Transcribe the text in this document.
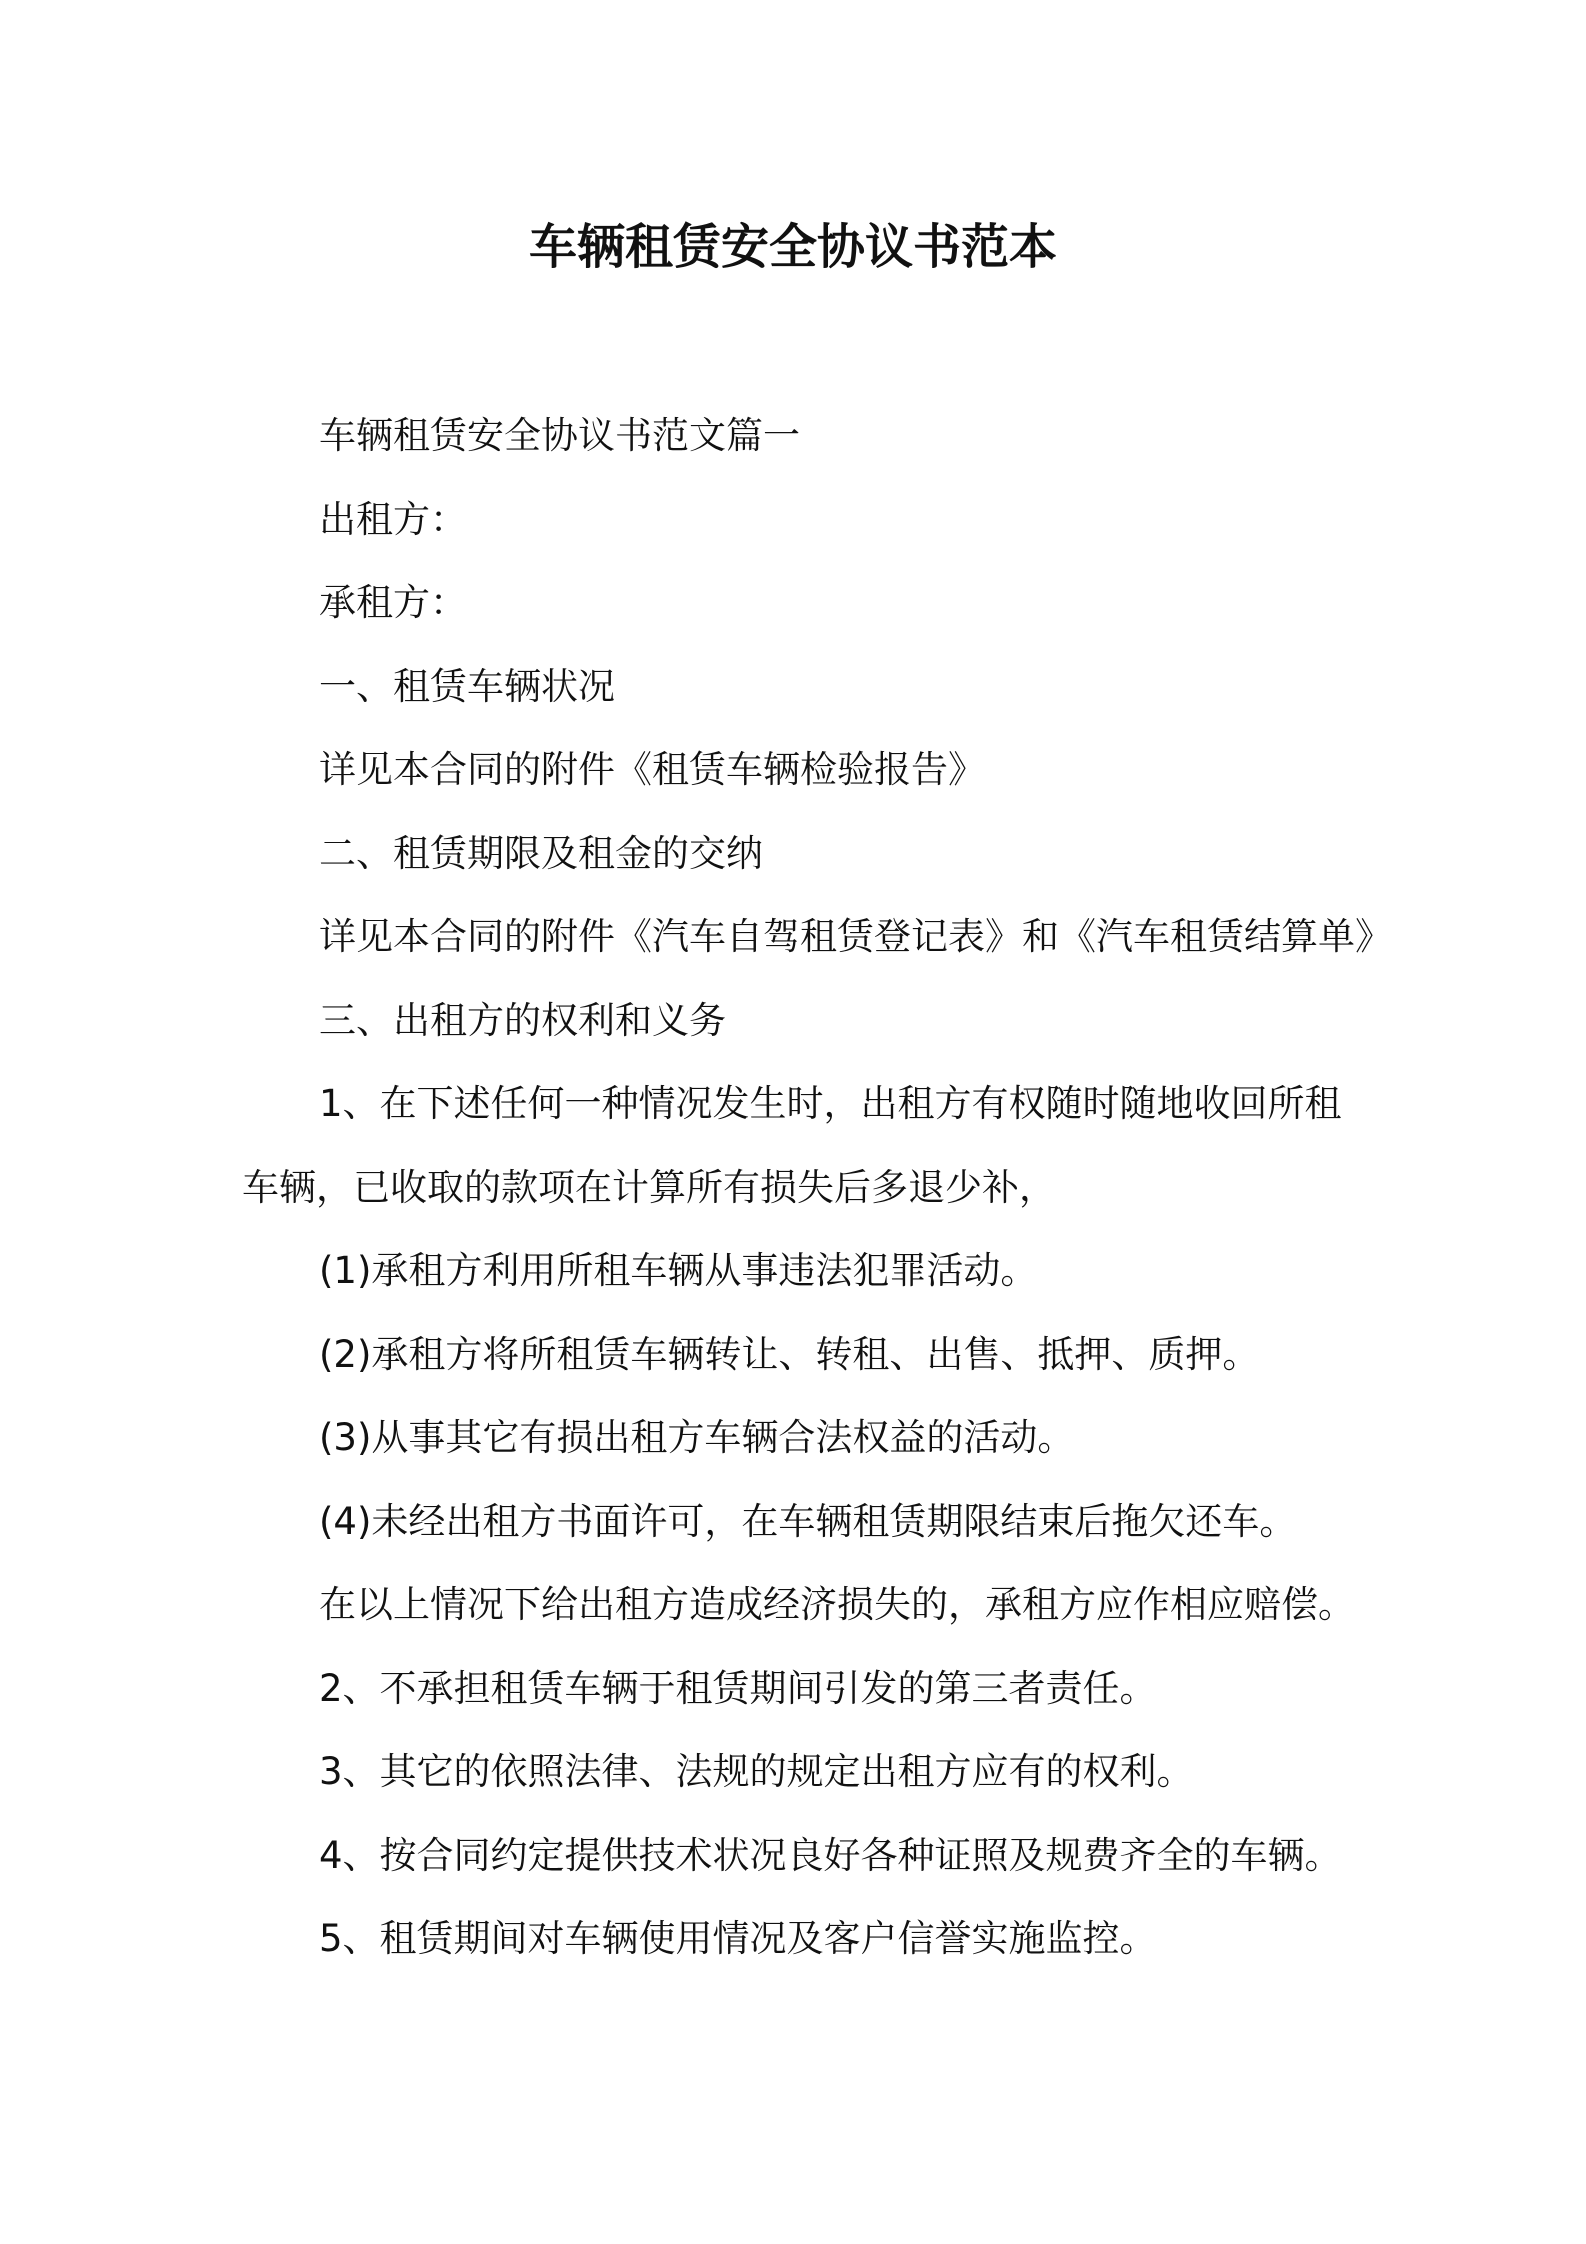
车辆租赁安全协议书范本
车辆租赁安全协议书范文篇一
出租方：
承租方：
一、租赁车辆状况
详见本合同的附件《租赁车辆检验报告》
二、租赁期限及租金的交纳
详见本合同的附件《汽车自驾租赁登记表》和《汽车租赁结算单》
三、出租方的权利和义务
1、在下述任何一种情况发生时，出租方有权随时随地收回所租
车辆，已收取的款项在计算所有损失后多退少补，
(1)承租方利用所租车辆从事违法犯罪活动。
(2)承租方将所租赁车辆转让、转租、出售、抵押、质押。
(3)从事其它有损出租方车辆合法权益的活动。
(4)未经出租方书面许可，在车辆租赁期限结束后拖欠还车。
在以上情况下给出租方造成经济损失的，承租方应作相应赔偿。
2、不承担租赁车辆于租赁期间引发的第三者责任。
3、其它的依照法律、法规的规定出租方应有的权利。
4、按合同约定提供技术状况良好各种证照及规费齐全的车辆。
5、租赁期间对车辆使用情况及客户信誉实施监控。
